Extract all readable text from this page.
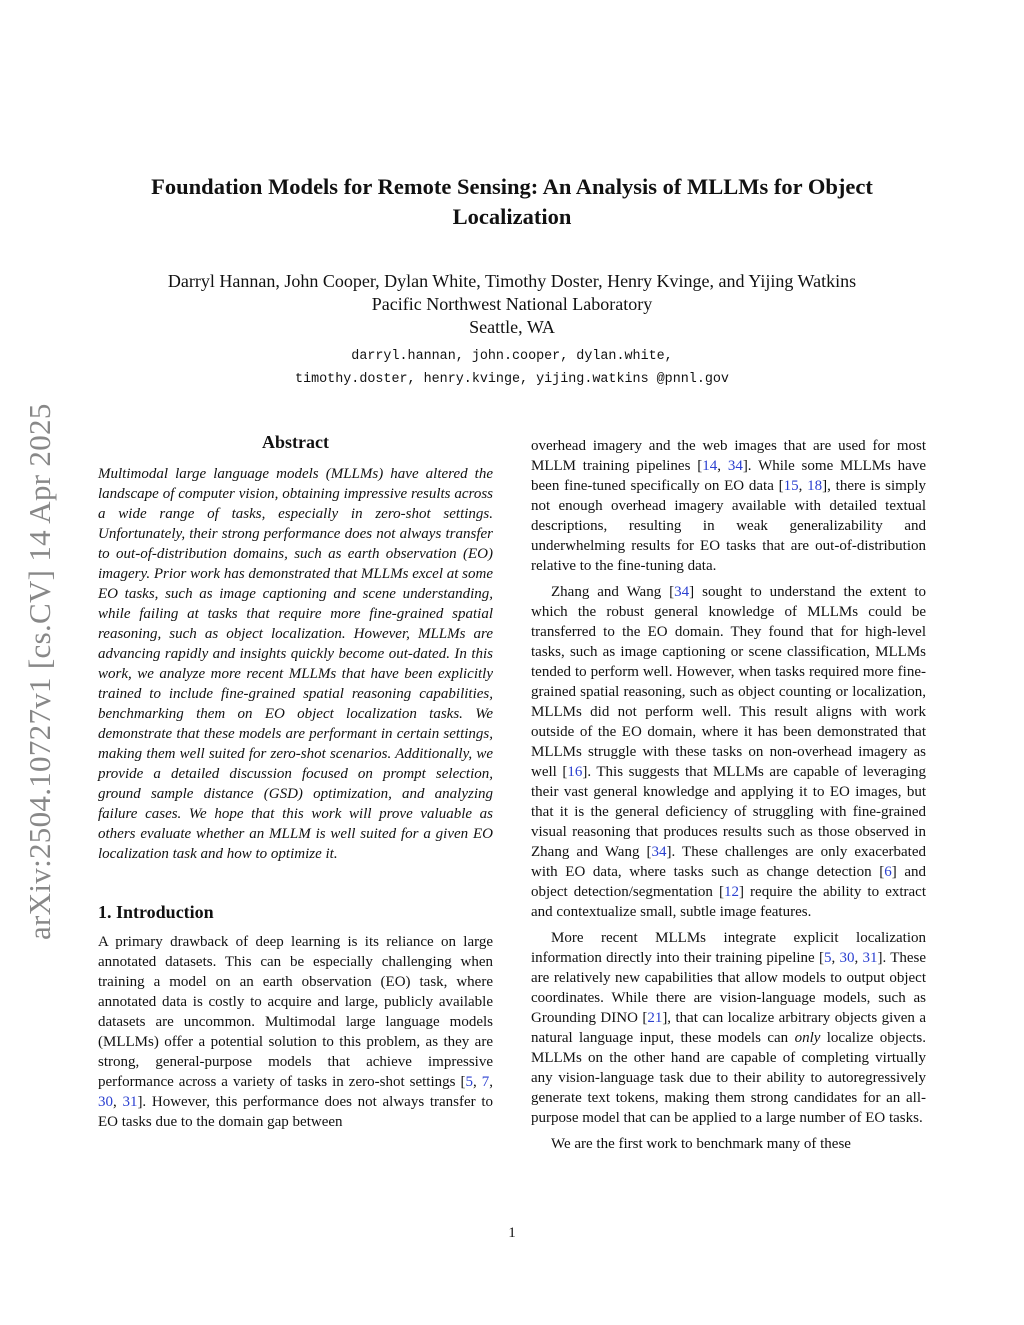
arXiv:2504.10727v1 [cs.CV] 14 Apr 2025
Foundation Models for Remote Sensing: An Analysis of MLLMs for Object Localization
Darryl Hannan, John Cooper, Dylan White, Timothy Doster, Henry Kvinge, and Yijing Watkins
Pacific Northwest National Laboratory
Seattle, WA
darryl.hannan, john.cooper, dylan.white,
timothy.doster, henry.kvinge, yijing.watkins @pnnl.gov
Abstract

Multimodal large language models (MLLMs) have altered the landscape of computer vision, obtaining impressive results across a wide range of tasks, especially in zero-shot settings. Unfortunately, their strong performance does not always transfer to out-of-distribution domains, such as earth observation (EO) imagery. Prior work has demonstrated that MLLMs excel at some EO tasks, such as image captioning and scene understanding, while failing at tasks that require more fine-grained spatial reasoning, such as object localization. However, MLLMs are advancing rapidly and insights quickly become out-dated. In this work, we analyze more recent MLLMs that have been explicitly trained to include fine-grained spatial reasoning capabilities, benchmarking them on EO object localization tasks. We demonstrate that these models are performant in certain settings, making them well suited for zero-shot scenarios. Additionally, we provide a detailed discussion focused on prompt selection, ground sample distance (GSD) optimization, and analyzing failure cases. We hope that this work will prove valuable as others evaluate whether an MLLM is well suited for a given EO localization task and how to optimize it.

1. Introduction

A primary drawback of deep learning is its reliance on large annotated datasets. This can be especially challenging when training a model on an earth observation (EO) task, where annotated data is costly to acquire and large, publicly available datasets are uncommon. Multimodal large language models (MLLMs) offer a potential solution to this problem, as they are strong, general-purpose models that achieve impressive performance across a variety of tasks in zero-shot settings [5, 7, 30, 31]. However, this performance does not always transfer to EO tasks due to the domain gap between

overhead imagery and the web images that are used for most MLLM training pipelines [14, 34]. While some MLLMs have been fine-tuned specifically on EO data [15, 18], there is simply not enough overhead imagery available with detailed textual descriptions, resulting in weak generalizability and underwhelming results for EO tasks that are out-of-distribution relative to the fine-tuning data.

Zhang and Wang [34] sought to understand the extent to which the robust general knowledge of MLLMs could be transferred to the EO domain. They found that for high-level tasks, such as image captioning or scene classification, MLLMs tended to perform well. However, when tasks required more fine-grained spatial reasoning, such as object counting or localization, MLLMs did not perform well. This result aligns with work outside of the EO domain, where it has been demonstrated that MLLMs struggle with these tasks on non-overhead imagery as well [16]. This suggests that MLLMs are capable of leveraging their vast general knowledge and applying it to EO images, but that it is the general deficiency of struggling with fine-grained visual reasoning that produces results such as those observed in Zhang and Wang [34]. These challenges are only exacerbated with EO data, where tasks such as change detection [6] and object detection/segmentation [12] require the ability to extract and contextualize small, subtle image features.

More recent MLLMs integrate explicit localization information directly into their training pipeline [5, 30, 31]. These are relatively new capabilities that allow models to output object coordinates. While there are vision-language models, such as Grounding DINO [21], that can localize arbitrary objects given a natural language input, these models can only localize objects. MLLMs on the other hand are capable of completing virtually any vision-language task due to their ability to autoregressively generate text tokens, making them strong candidates for an all-purpose model that can be applied to a large number of EO tasks.

We are the first work to benchmark many of these

1
